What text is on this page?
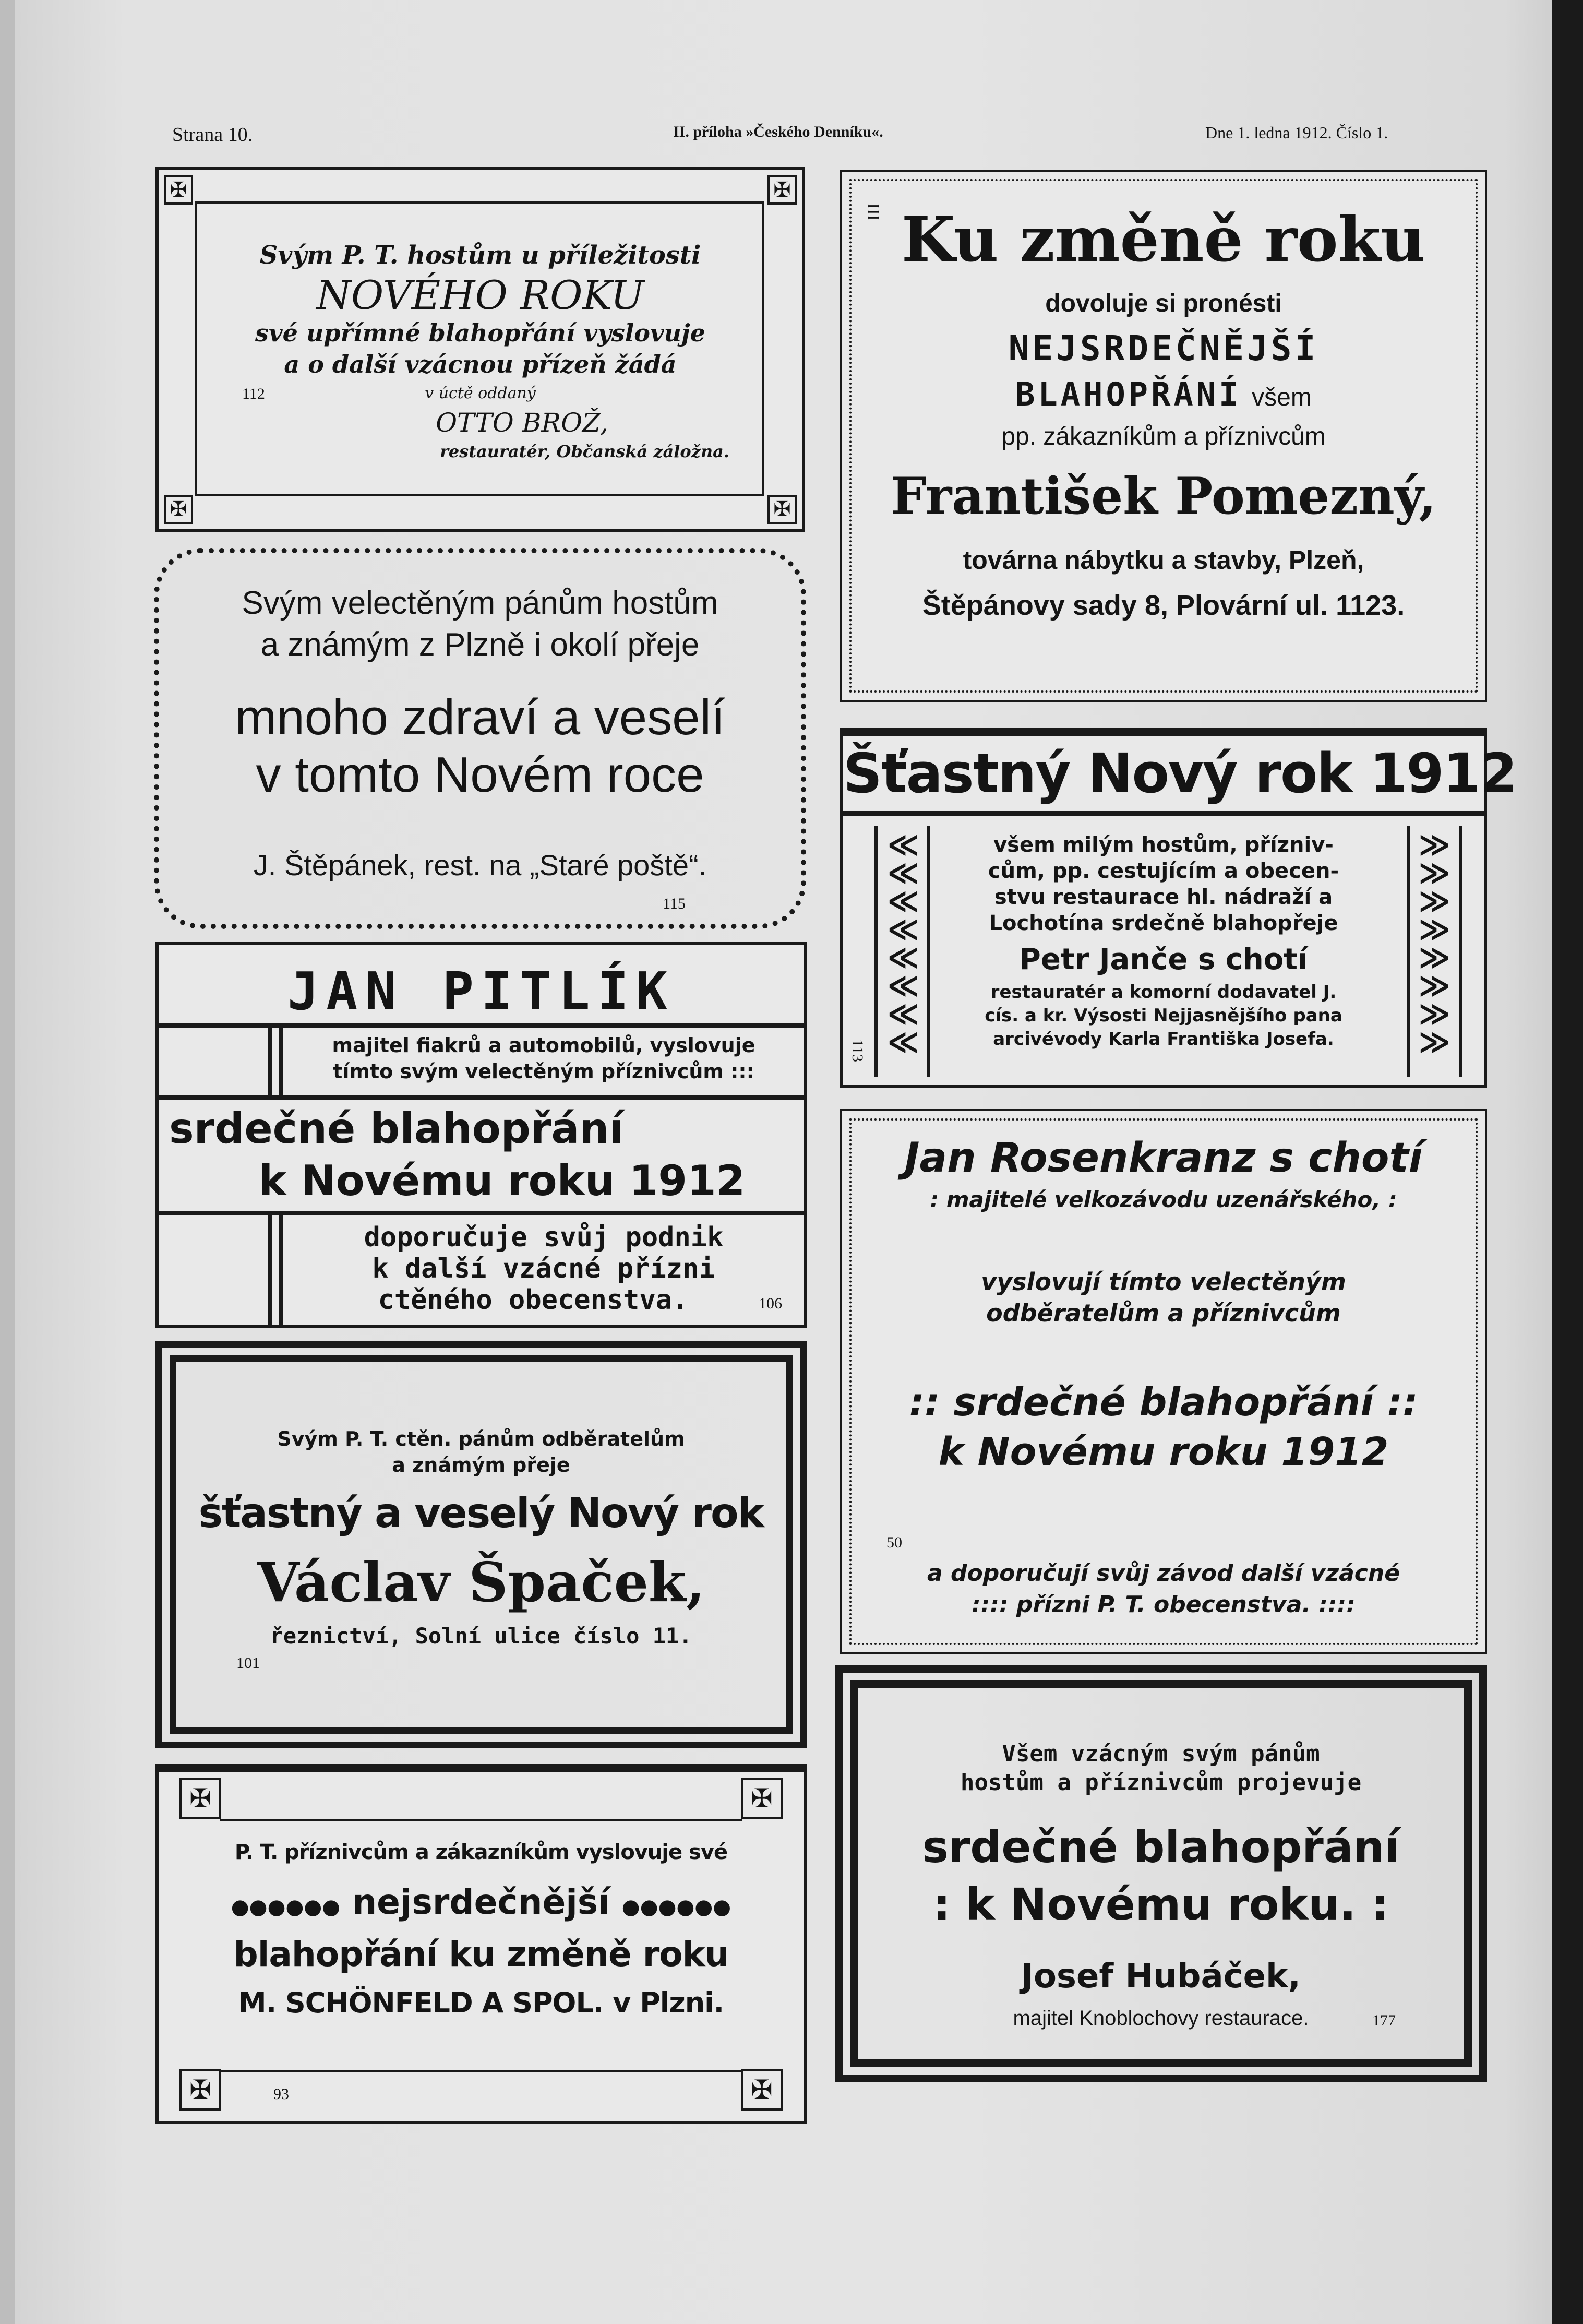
Strana 10.	II. příloha »Českého Denníku«.	Dne 1. ledna 1912. Číslo 1.
✠	✠
✠	✠
Svým P. T. hostům u příležitosti
NOVÉHO ROKU
své upřímné blahopřání vyslovuje
a o další vzácnou přízeň žádá
112	v úctě oddaný
OTTO BROŽ,
restauratér, Občanská záložna.
III Ku změně roku
dovoluje si pronésti
NEJSRDEČNĚJŠÍ
BLAHOPŘÁNÍ všem
pp. zákazníkům a příznivcům
František Pomezný,
továrna nábytku a stavby, Plzeň,
Štěpánovy sady 8, Plovární ul. 1123.
Svým velectěným pánům hostům
a známým z Plzně i okolí přeje
mnoho zdraví a veselí
v tomto Novém roce
J. Štěpánek, rest. na „Staré poště“.
115
Šťastný Nový rok 1912
≪
≪
≪
≪
≪
≪
≪
≪
≫
≫
≫
≫
≫
≫
≫
≫
113
všem milým hostům, přízniv-
cům, pp. cestujícím a obecen-
stvu restaurace hl. nádraží a
Lochotína srdečně blahopřeje
Petr Janče s chotí
restauratér a komorní dodavatel J.
cís. a kr. Výsosti Nejjasnějšího pana
arcivévody Karla Františka Josefa.
JAN PITLÍK
majitel fiakrů a automobilů, vyslovuje
tímto svým velectěným příznivcům :::
srdečné blahopřání
k Novému roku 1912
doporučuje svůj podnik
k další vzácné přízni
ctěného obecenstva.	106
Jan Rosenkranz s chotí
: majitelé velkozávodu uzenářského, :
vyslovují tímto velectěným
odběratelům a příznivcům
:: srdečné blahopřání ::
k Novému roku 1912
50
a doporučují svůj závod další vzácné
:::: přízni P. T. obecenstva. ::::
Svým P. T. ctěn. pánům odběratelům
a známým přeje
šťastný a veselý Nový rok
Václav Špaček,
řeznictví, Solní ulice číslo 11.
101
Všem vzácným svým pánům
hostům a příznivcům projevuje
srdečné blahopřání
: k Novému roku. :
Josef Hubáček,
majitel Knoblochovy restaurace.	177
✠	✠
✠	✠
P. T. příznivcům a zákazníkům vyslovuje své
●●●●●● nejsrdečnější ●●●●●●
blahopřání ku změně roku
M. SCHÖNFELD A SPOL. v Plzni.
93
